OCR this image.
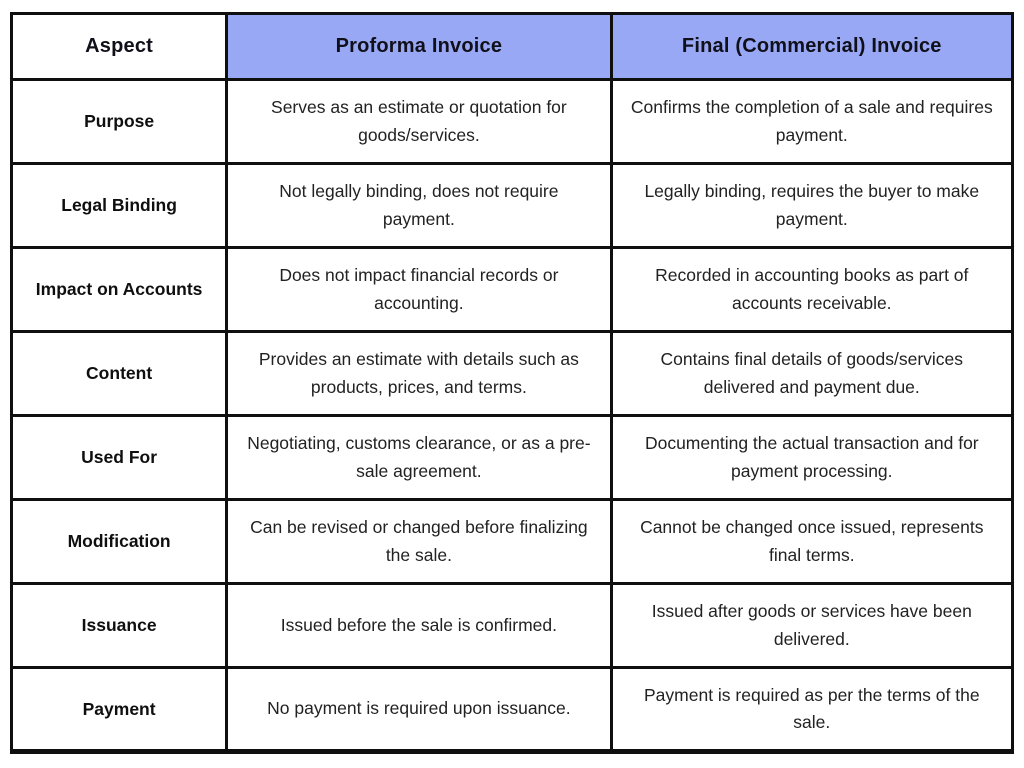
Aspect	Proforma Invoice	Final (Commercial) Invoice
Purpose	Serves as an estimate or quotation for goods/services.	Confirms the completion of a sale and requires payment.
Legal Binding	Not legally binding, does not require payment.	Legally binding, requires the buyer to make payment.
Impact on Accounts	Does not impact financial records or accounting.	Recorded in accounting books as part of accounts receivable.
Content	Provides an estimate with details such as products, prices, and terms.	Contains final details of goods/services delivered and payment due.
Used For	Negotiating, customs clearance, or as a pre-sale agreement.	Documenting the actual transaction and for payment processing.
Modification	Can be revised or changed before finalizing the sale.	Cannot be changed once issued, represents final terms.
Issuance	Issued before the sale is confirmed.	Issued after goods or services have been delivered.
Payment	No payment is required upon issuance.	Payment is required as per the terms of the sale.
